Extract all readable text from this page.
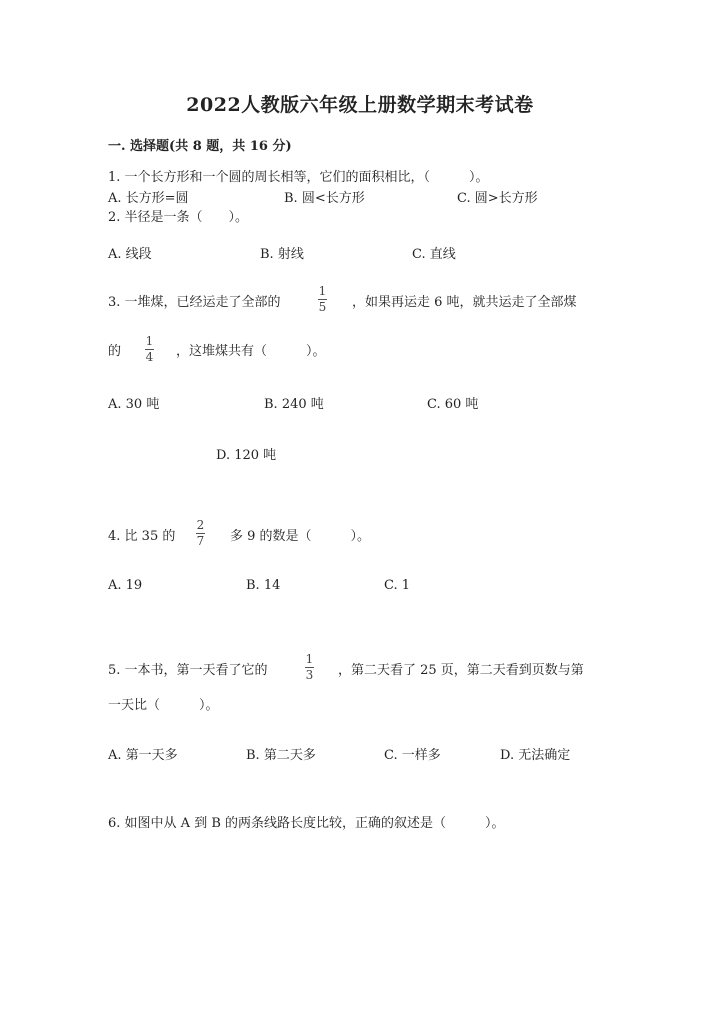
2022人教版六年级上册数学期末考试卷
一. 选择题(共 8 题，共 16 分)
1. 一个长方形和一个圆的周长相等，它们的面积相比，（　　　）。
A. 长方形=圆	B. 圆<长方形	C. 圆>长方形
2. 半径是一条（　　）。
A. 线段	B. 射线	C. 直线
3. 一堆煤，已经运走了全部的
1
5 ，如果再运走 6 吨，就共运走了全部煤
的
1
4 ，这堆煤共有（　　　）。
A. 30 吨	B. 240 吨	C. 60 吨
D. 120 吨
4. 比 35 的
2
7 多 9 的数是（　　　）。
A. 19	B. 14	C. 1
5. 一本书，第一天看了它的
1
3 ，第二天看了 25 页，第二天看到页数与第
一天比（　　　）。
A. 第一天多	B. 第二天多	C. 一样多	D. 无法确定
6. 如图中从 A 到 B 的两条线路长度比较，正确的叙述是（　　　）。
